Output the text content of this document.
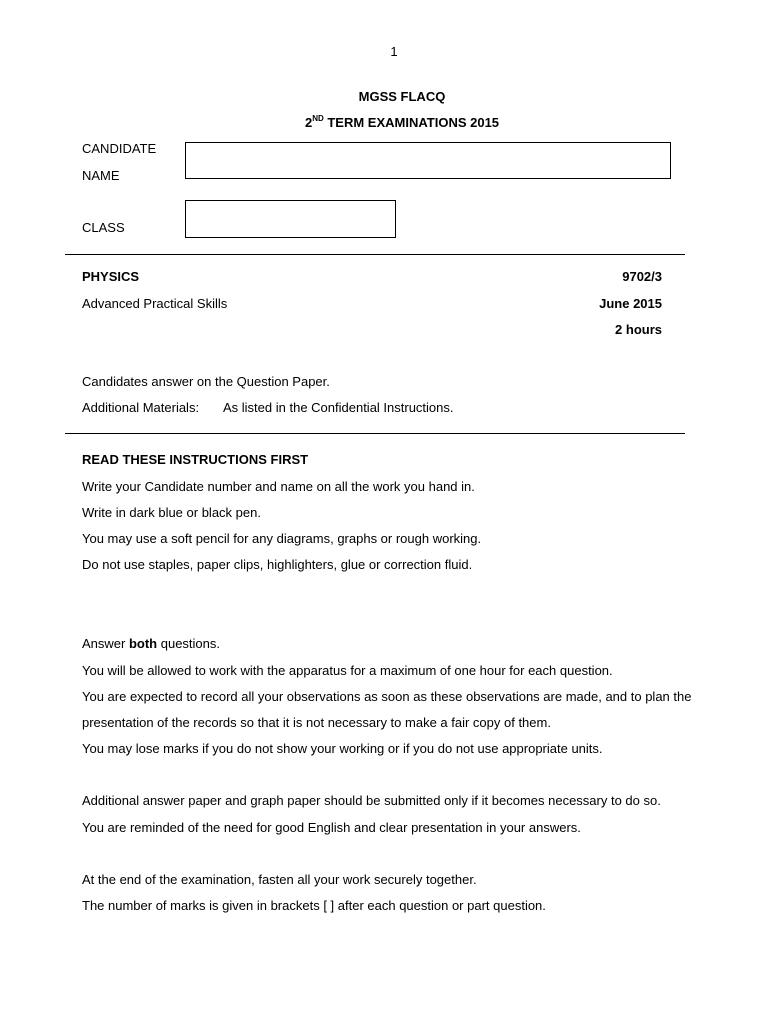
1
MGSS FLACQ
2ND TERM EXAMINATIONS 2015
CANDIDATE
NAME
CLASS
PHYSICS	9702/3
Advanced Practical Skills	June 2015
2 hours
Candidates answer on the Question Paper.
Additional Materials: As listed in the Confidential Instructions.
READ THESE INSTRUCTIONS FIRST
Write your Candidate number and name on all the work you hand in.
Write in dark blue or black pen.
You may use a soft pencil for any diagrams, graphs or rough working.
Do not use staples, paper clips, highlighters, glue or correction fluid.
Answer both questions.
You will be allowed to work with the apparatus for a maximum of one hour for each question.
You are expected to record all your observations as soon as these observations are made, and to plan the
presentation of the records so that it is not necessary to make a fair copy of them.
You may lose marks if you do not show your working or if you do not use appropriate units.
Additional answer paper and graph paper should be submitted only if it becomes necessary to do so.
You are reminded of the need for good English and clear presentation in your answers.
At the end of the examination, fasten all your work securely together.
The number of marks is given in brackets [ ] after each question or part question.
